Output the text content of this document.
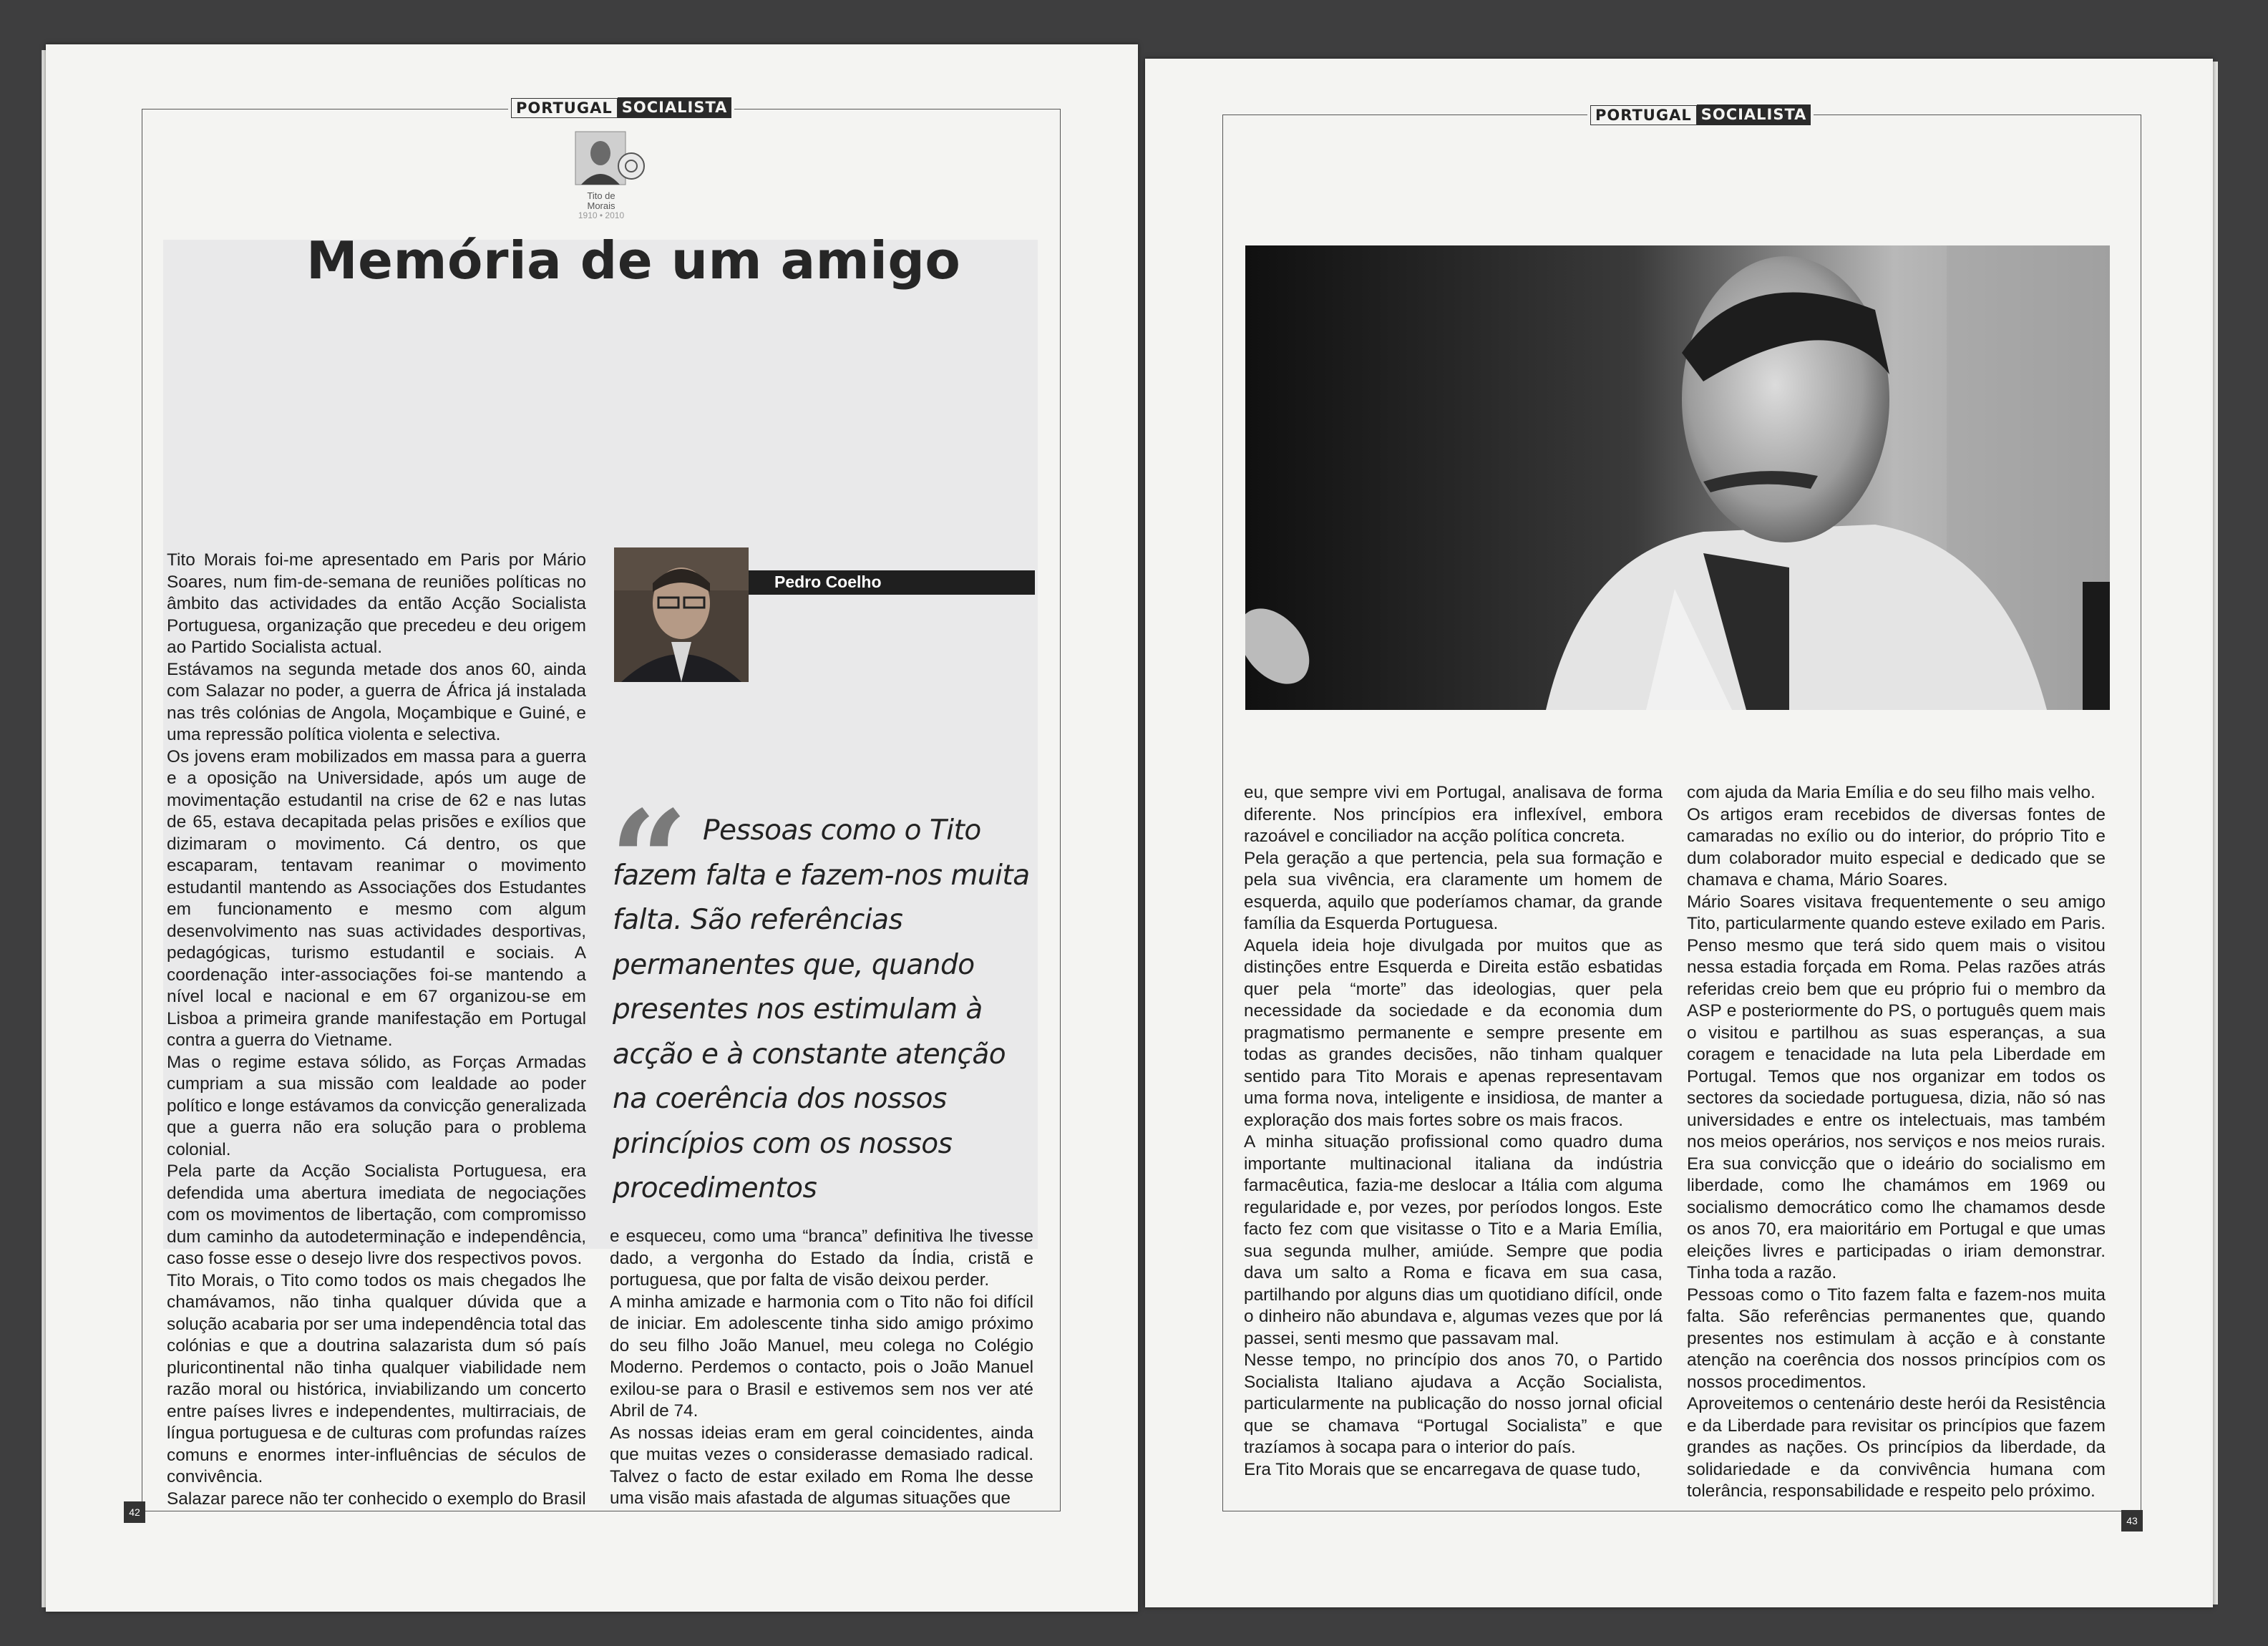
PORTUGAL SOCIALISTA
Tito de Morais
1910 • 2010
Memória de um amigo
Pedro Coelho

Tito Morais foi-me apresentado em Paris por Mário Soares, num fim-de-semana de reuniões políticas no âmbito das actividades da então Acção Socialista Portuguesa, organização que precedeu e deu origem ao Partido Socialista actual.
Estávamos na segunda metade dos anos 60, ainda com Salazar no poder, a guerra de África já instalada nas três colónias de Angola, Moçambique e Guiné, e uma repressão política violenta e selectiva.
Os jovens eram mobilizados em massa para a guerra e a oposição na Universidade, após um auge de movimentação estudantil na crise de 62 e nas lutas de 65, estava decapitada pelas prisões e exílios que dizimaram o movimento. Cá dentro, os que escaparam, tentavam reanimar o movimento estudantil mantendo as Associações dos Estudantes em funcionamento e mesmo com algum desenvolvimento nas suas actividades desportivas, pedagógicas, turismo estudantil e sociais. A coordenação inter-associações foi-se mantendo a nível local e nacional e em 67 organizou-se em Lisboa a primeira grande manifestação em Portugal contra a guerra do Vietname.
Mas o regime estava sólido, as Forças Armadas cumpriam a sua missão com lealdade ao poder político e longe estávamos da convicção generalizada que a guerra não era solução para o problema colonial.
Pela parte da Acção Socialista Portuguesa, era defendida uma abertura imediata de negociações com os movimentos de libertação, com compromisso dum caminho da autodeterminação e independência, caso fosse esse o desejo livre dos respectivos povos.
Tito Morais, o Tito como todos os mais chegados lhe chamávamos, não tinha qualquer dúvida que a solução acabaria por ser uma independência total das colónias e que a doutrina salazarista dum só país pluricontinental não tinha qualquer viabilidade nem razão moral ou histórica, inviabilizando um concerto entre países livres e independentes, multirraciais, de língua portuguesa e de culturas com profundas raízes comuns e enormes inter-influências de séculos de convivência.
Salazar parece não ter conhecido o exemplo do Brasil

“ Pessoas como o Tito fazem falta e fazem-nos muita falta. São referências permanentes que, quando presentes nos estimulam à acção e à constante atenção na coerência dos nossos princípios com os nossos procedimentos

e esqueceu, como uma “branca” definitiva lhe tivesse dado, a vergonha do Estado da Índia, cristã e portuguesa, que por falta de visão deixou perder.
A minha amizade e harmonia com o Tito não foi difícil de iniciar. Em adolescente tinha sido amigo próximo do seu filho João Manuel, meu colega no Colégio Moderno. Perdemos o contacto, pois o João Manuel exilou-se para o Brasil e estivemos sem nos ver até Abril de 74.
As nossas ideias eram em geral coincidentes, ainda que muitas vezes o considerasse demasiado radical. Talvez o facto de estar exilado em Roma lhe desse uma visão mais afastada de algumas situações que

42
PORTUGAL SOCIALISTA

eu, que sempre vivi em Portugal, analisava de forma diferente. Nos princípios era inflexível, embora razoável e conciliador na acção política concreta.
Pela geração a que pertencia, pela sua formação e pela sua vivência, era claramente um homem de esquerda, aquilo que poderíamos chamar, da grande família da Esquerda Portuguesa.
Aquela ideia hoje divulgada por muitos que as distinções entre Esquerda e Direita estão esbatidas quer pela “morte” das ideologias, quer pela necessidade da sociedade e da economia dum pragmatismo permanente e sempre presente em todas as grandes decisões, não tinham qualquer sentido para Tito Morais e apenas representavam uma forma nova, inteligente e insidiosa, de manter a exploração dos mais fortes sobre os mais fracos.
A minha situação profissional como quadro duma importante multinacional italiana da indústria farmacêutica, fazia-me deslocar a Itália com alguma regularidade e, por vezes, por períodos longos. Este facto fez com que visitasse o Tito e a Maria Emília, sua segunda mulher, amiúde. Sempre que podia dava um salto a Roma e ficava em sua casa, partilhando por alguns dias um quotidiano difícil, onde o dinheiro não abundava e, algumas vezes que por lá passei, senti mesmo que passavam mal.
Nesse tempo, no princípio dos anos 70, o Partido Socialista Italiano ajudava a Acção Socialista, particularmente na publicação do nosso jornal oficial que se chamava “Portugal Socialista” e que trazíamos à socapa para o interior do país.
Era Tito Morais que se encarregava de quase tudo,

com ajuda da Maria Emília e do seu filho mais velho.
Os artigos eram recebidos de diversas fontes de camaradas no exílio ou do interior, do próprio Tito e dum colaborador muito especial e dedicado que se chamava e chama, Mário Soares.
Mário Soares visitava frequentemente o seu amigo Tito, particularmente quando esteve exilado em Paris. Penso mesmo que terá sido quem mais o visitou nessa estadia forçada em Roma. Pelas razões atrás referidas creio bem que eu próprio fui o membro da ASP e posteriormente do PS, o português quem mais o visitou e partilhou as suas esperanças, a sua coragem e tenacidade na luta pela Liberdade em Portugal. Temos que nos organizar em todos os sectores da sociedade portuguesa, dizia, não só nas universidades e entre os intelectuais, mas também nos meios operários, nos serviços e nos meios rurais. Era sua convicção que o ideário do socialismo em liberdade, como lhe chamámos em 1969 ou socialismo democrático como lhe chamamos desde os anos 70, era maioritário em Portugal e que umas eleições livres e participadas o iriam demonstrar. Tinha toda a razão.
Pessoas como o Tito fazem falta e fazem-nos muita falta. São referências permanentes que, quando presentes nos estimulam à acção e à constante atenção na coerência dos nossos princípios com os nossos procedimentos.
Aproveitemos o centenário deste herói da Resistência e da Liberdade para revisitar os princípios que fazem grandes as nações. Os princípios da liberdade, da solidariedade e da convivência humana com tolerância, responsabilidade e respeito pelo próximo.

43
